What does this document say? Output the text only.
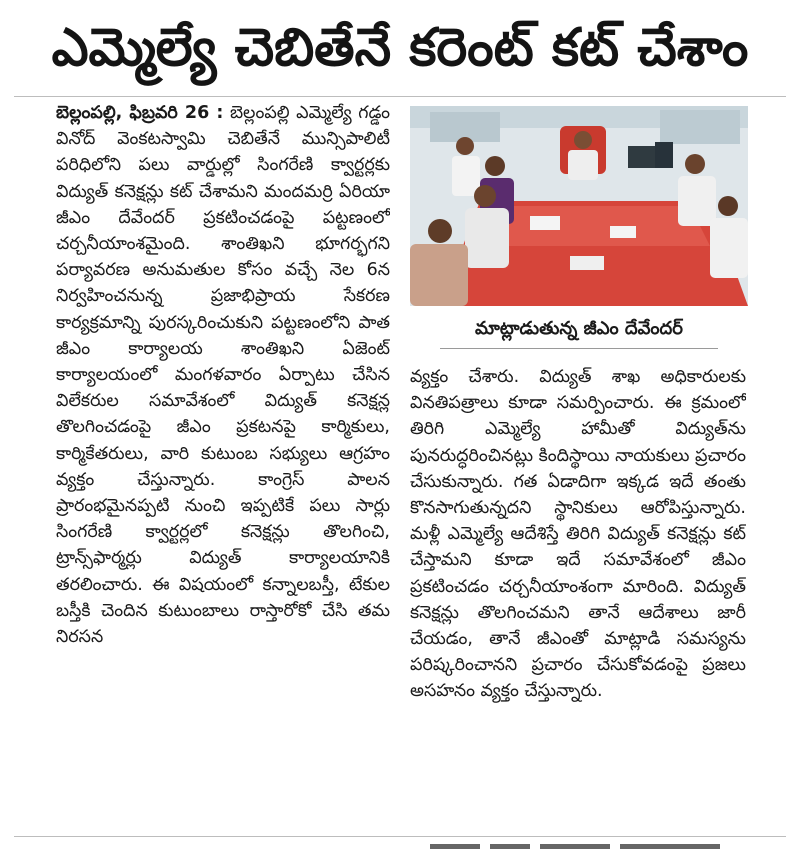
ఎమ్మెల్యే చెబితేనే కరెంట్ కట్ చేశాం
బెల్లంపల్లి, ఫిబ్రవరి 26 : బెల్లంపల్లి ఎమ్మెల్యే గడ్డం వినోద్ వెంకటస్వామి చెబితేనే మున్సిపాలిటీ పరిధిలోని పలు వార్డుల్లో సింగరేణి క్వార్టర్లకు విద్యుత్ కనెక్షన్లు కట్ చేశామని మందమర్రి ఏరియా జీఎం దేవేందర్ ప్రకటించడంపై పట్టణంలో చర్చనీయాంశమైంది. శాంతిఖని భూగర్భగని పర్యావరణ అనుమతుల కోసం వచ్చే నెల 6న నిర్వహించనున్న ప్రజాభిప్రాయ సేకరణ కార్యక్రమాన్ని పురస్కరించుకుని పట్టణంలోని పాత జీఎం కార్యాలయ శాంతిఖని ఏజెంట్ కార్యాలయంలో మంగళవారం ఏర్పాటు చేసిన విలేకరుల సమావేశంలో విద్యుత్ కనెక్షన్ల తొలగించడంపై జీఎం ప్రకటనపై కార్మికులు, కార్మికేతరులు, వారి కుటుంబ సభ్యులు ఆగ్రహం వ్యక్తం చేస్తున్నారు. కాంగ్రెస్ పాలన ప్రారంభమైనప్పటి నుంచి ఇప్పటికే పలు సార్లు సింగరేణి క్వార్టర్లలో కనెక్షన్లు తొలగించి, ట్రాన్స్‌ఫార్మర్లు విద్యుత్ కార్యాలయానికి తరలించారు. ఈ విషయంలో కన్నాలబస్తీ, టేకుల బస్తీకి చెందిన కుటుంబాలు రాస్తారోకో చేసి తమ నిరసన
మాట్లాడుతున్న జీఎం దేవేందర్
వ్యక్తం చేశారు. విద్యుత్ శాఖ అధికారులకు వినతిపత్రాలు కూడా సమర్పించారు. ఈ క్రమంలో తిరిగి ఎమ్మెల్యే హామీతో విద్యుత్‌ను పునరుద్ధరించినట్లు కిందిస్థాయి నాయకులు ప్రచారం చేసుకున్నారు. గత ఏడాదిగా ఇక్కడ ఇదే తంతు కొనసాగుతున్నదని స్థానికులు ఆరోపిస్తున్నారు. మళ్లీ ఎమ్మెల్యే ఆదేశిస్తే తిరిగి విద్యుత్ కనెక్షన్లు కట్ చేస్తామని కూడా ఇదే సమావేశంలో జీఎం ప్రకటించడం చర్చనీయాంశంగా మారింది. విద్యుత్ కనెక్షన్లు తొలగించమని తానే ఆదేశాలు జారీ చేయడం, తానే జీఎంతో మాట్లాడి సమస్యను పరిష్కరించానని ప్రచారం చేసుకోవడంపై ప్రజలు అసహనం వ్యక్తం చేస్తున్నారు.
